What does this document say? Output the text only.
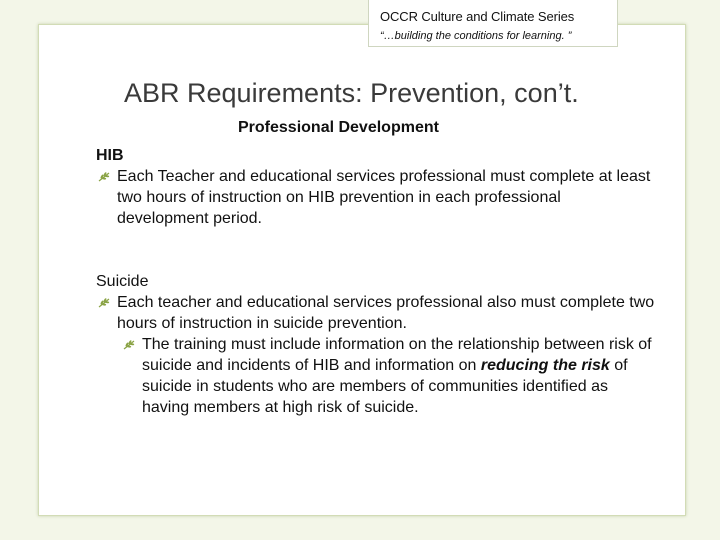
OCCR Culture and Climate Series
“…building the conditions for learning. ”
ABR Requirements: Prevention, con’t.
Professional Development

HIB

Each Teacher and educational services professional must complete at least two hours of instruction on HIB prevention in each professional development period.

Suicide

Each teacher and educational services professional also must complete two hours of instruction in suicide prevention.

The training must include information on the relationship between risk of suicide and incidents of HIB and information on reducing the risk of suicide in students who are members of communities identified as having members at high risk of suicide.
